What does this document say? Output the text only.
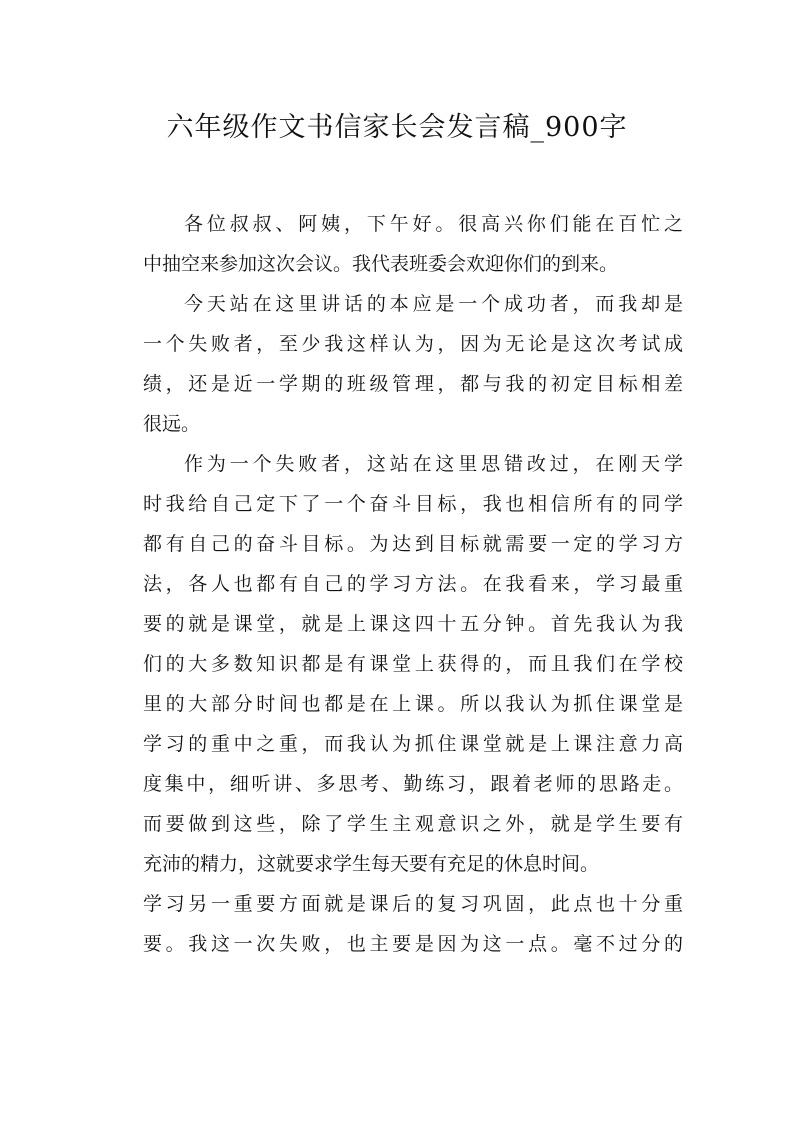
六年级作文书信家长会发言稿_900字
各位叔叔、阿姨，下午好。很高兴你们能在百忙之
中抽空来参加这次会议。我代表班委会欢迎你们的到来。
今天站在这里讲话的本应是一个成功者，而我却是
一个失败者，至少我这样认为，因为无论是这次考试成
绩，还是近一学期的班级管理，都与我的初定目标相差
很远。
作为一个失败者，这站在这里思错改过，在刚天学
时我给自己定下了一个奋斗目标，我也相信所有的同学
都有自己的奋斗目标。为达到目标就需要一定的学习方
法，各人也都有自己的学习方法。在我看来，学习最重
要的就是课堂，就是上课这四十五分钟。首先我认为我
们的大多数知识都是有课堂上获得的，而且我们在学校
里的大部分时间也都是在上课。所以我认为抓住课堂是
学习的重中之重，而我认为抓住课堂就是上课注意力高
度集中，细听讲、多思考、勤练习，跟着老师的思路走。
而要做到这些，除了学生主观意识之外，就是学生要有
充沛的精力，这就要求学生每天要有充足的休息时间。
学习另一重要方面就是课后的复习巩固，此点也十分重
要。我这一次失败，也主要是因为这一点。毫不过分的
